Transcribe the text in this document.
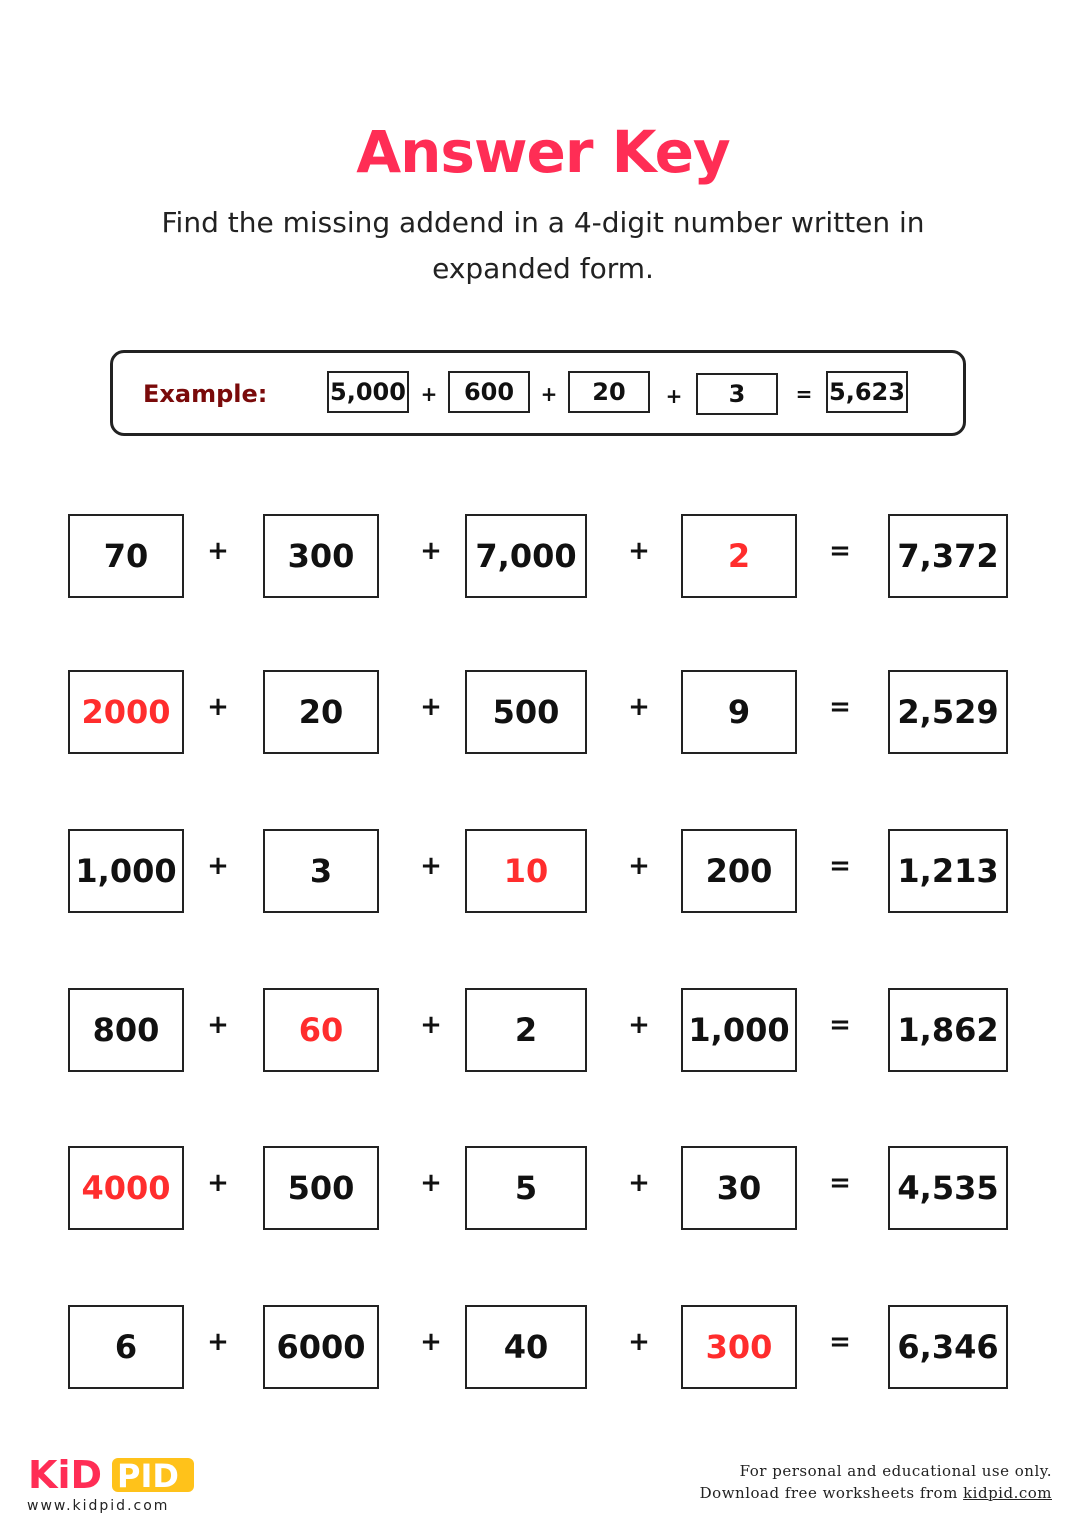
Answer Key
Find the missing addend in a 4-digit number written in expanded form.
Example:	5,000 +	600	+	20	+	3	= 5,623
70	+	300	+	7,000	+	2	= 7,372
2000	+	20	+	500	+	9	= 2,529
1,000 +	3	+	10	+	200	= 1,213
800	+	60	+	2	+ 1,000 = 1,862
4000	+	500	+	5	+	30	= 4,535
6	+	6000	+	40	+	300	= 6,346
KiD PID
www.kidpid.com
For personal and educational use only.
Download free worksheets from kidpid.com
